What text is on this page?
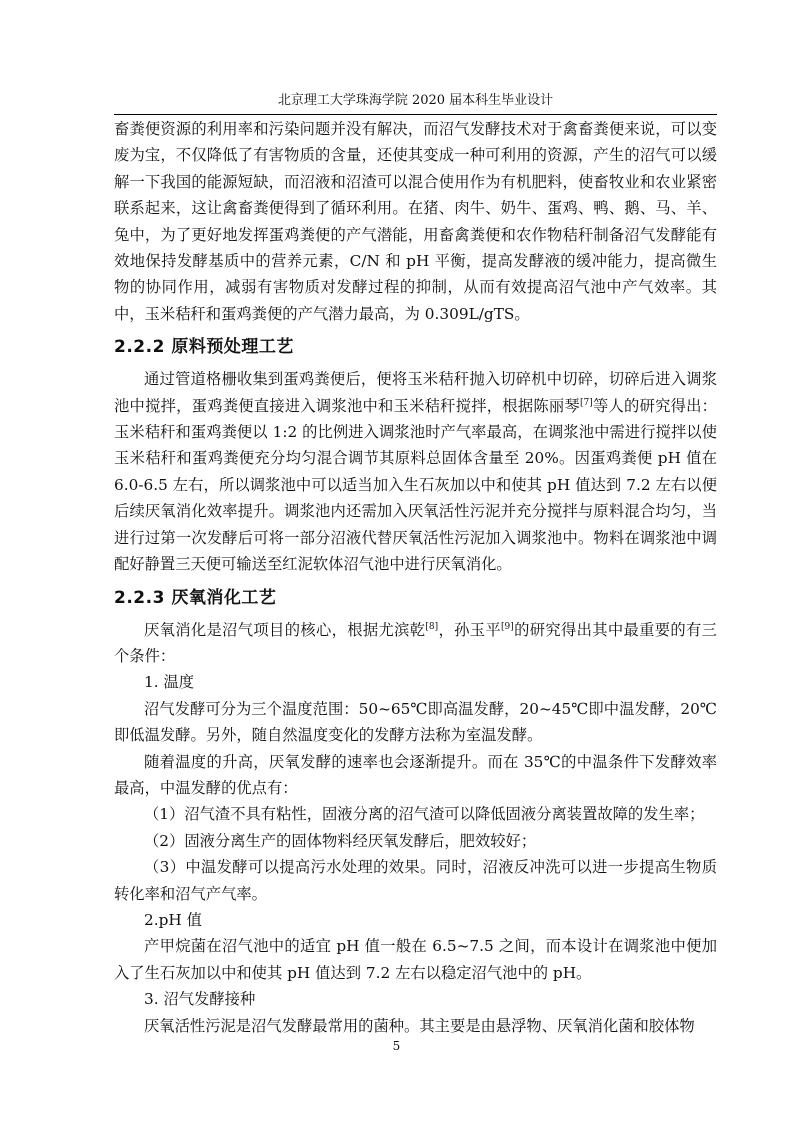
北京理工大学珠海学院 2020 届本科生毕业设计

畜粪便资源的利用率和污染问题并没有解决，而沼气发酵技术对于禽畜粪便来说，可以变废为宝，不仅降低了有害物质的含量，还使其变成一种可利用的资源，产生的沼气可以缓解一下我国的能源短缺，而沼液和沼渣可以混合使用作为有机肥料，使畜牧业和农业紧密联系起来，这让禽畜粪便得到了循环利用。在猪、肉牛、奶牛、蛋鸡、鸭、鹅、马、羊、兔中，为了更好地发挥蛋鸡粪便的产气潜能，用畜禽粪便和农作物秸秆制备沼气发酵能有效地保持发酵基质中的营养元素，C/N 和 pH 平衡，提高发酵液的缓冲能力，提高微生物的协同作用，减弱有害物质对发酵过程的抑制，从而有效提高沼气池中产气效率。其中，玉米秸秆和蛋鸡粪便的产气潜力最高，为 0.309L/gTS。

2.2.2 原料预处理工艺

通过管道格栅收集到蛋鸡粪便后，便将玉米秸秆抛入切碎机中切碎，切碎后进入调浆池中搅拌，蛋鸡粪便直接进入调浆池中和玉米秸秆搅拌，根据陈丽琴[7]等人的研究得出：玉米秸秆和蛋鸡粪便以 1:2 的比例进入调浆池时产气率最高，在调浆池中需进行搅拌以使玉米秸秆和蛋鸡粪便充分均匀混合调节其原料总固体含量至 20%。因蛋鸡粪便 pH 值在 6.0-6.5 左右，所以调浆池中可以适当加入生石灰加以中和使其 pH 值达到 7.2 左右以便后续厌氧消化效率提升。调浆池内还需加入厌氧活性污泥并充分搅拌与原料混合均匀，当进行过第一次发酵后可将一部分沼液代替厌氧活性污泥加入调浆池中。物料在调浆池中调配好静置三天便可输送至红泥软体沼气池中进行厌氧消化。

2.2.3 厌氧消化工艺

厌氧消化是沼气项目的核心，根据尤滨乾[8]，孙玉平[9]的研究得出其中最重要的有三个条件：

1. 温度

沼气发酵可分为三个温度范围：50~65℃即高温发酵，20~45℃即中温发酵，20℃即低温发酵。另外，随自然温度变化的发酵方法称为室温发酵。

随着温度的升高，厌氧发酵的速率也会逐渐提升。而在 35℃的中温条件下发酵效率最高，中温发酵的优点有：

（1）沼气渣不具有粘性，固液分离的沼气渣可以降低固液分离装置故障的发生率；

（2）固液分离生产的固体物料经厌氧发酵后，肥效较好；

（3）中温发酵可以提高污水处理的效果。同时，沼液反冲洗可以进一步提高生物质转化率和沼气产气率。

2.pH 值

产甲烷菌在沼气池中的适宜 pH 值一般在 6.5~7.5 之间，而本设计在调浆池中便加入了生石灰加以中和使其 pH 值达到 7.2 左右以稳定沼气池中的 pH。

3. 沼气发酵接种

厌氧活性污泥是沼气发酵最常用的菌种。其主要是由悬浮物、厌氧消化菌和胶体物

5
